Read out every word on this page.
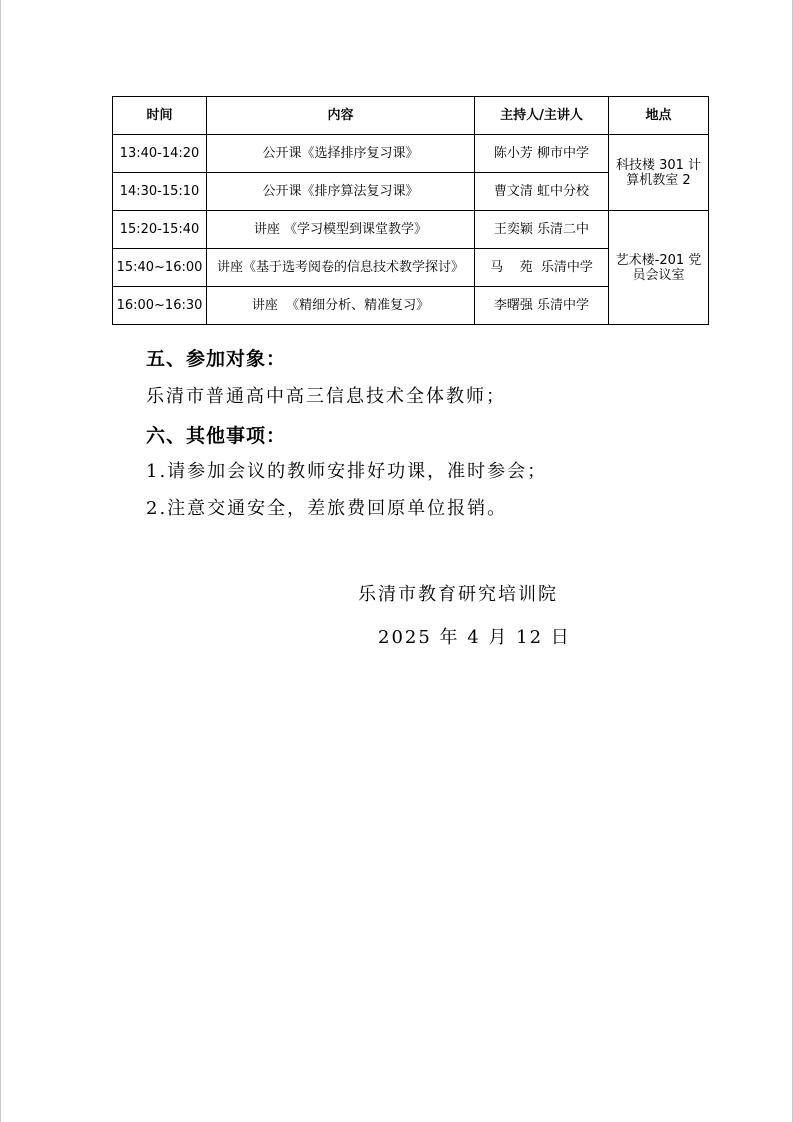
时间	内容	主持人/主讲人	地点
13:40-14:20	公开课《选择排序复习课》	陈小芳 柳市中学	科技楼 301 计算机教室 2
14:30-15:10	公开课《排序算法复习课》	曹文清 虹中分校	
15:20-15:40	讲座 《学习模型到课堂教学》	王奕颖 乐清二中	艺术楼-201 党员会议室
15:40~16:00	讲座《基于选考阅卷的信息技术教学探讨》	马    苑  乐清中学	
16:00~16:30	讲座  《精细分析、精准复习》	李曙强 乐清中学	
五、参加对象：
乐清市普通高中高三信息技术全体教师；
六、其他事项：
1.请参加会议的教师安排好功课，准时参会；
2.注意交通安全，差旅费回原单位报销。
乐清市教育研究培训院
2025 年 4 月 12 日
